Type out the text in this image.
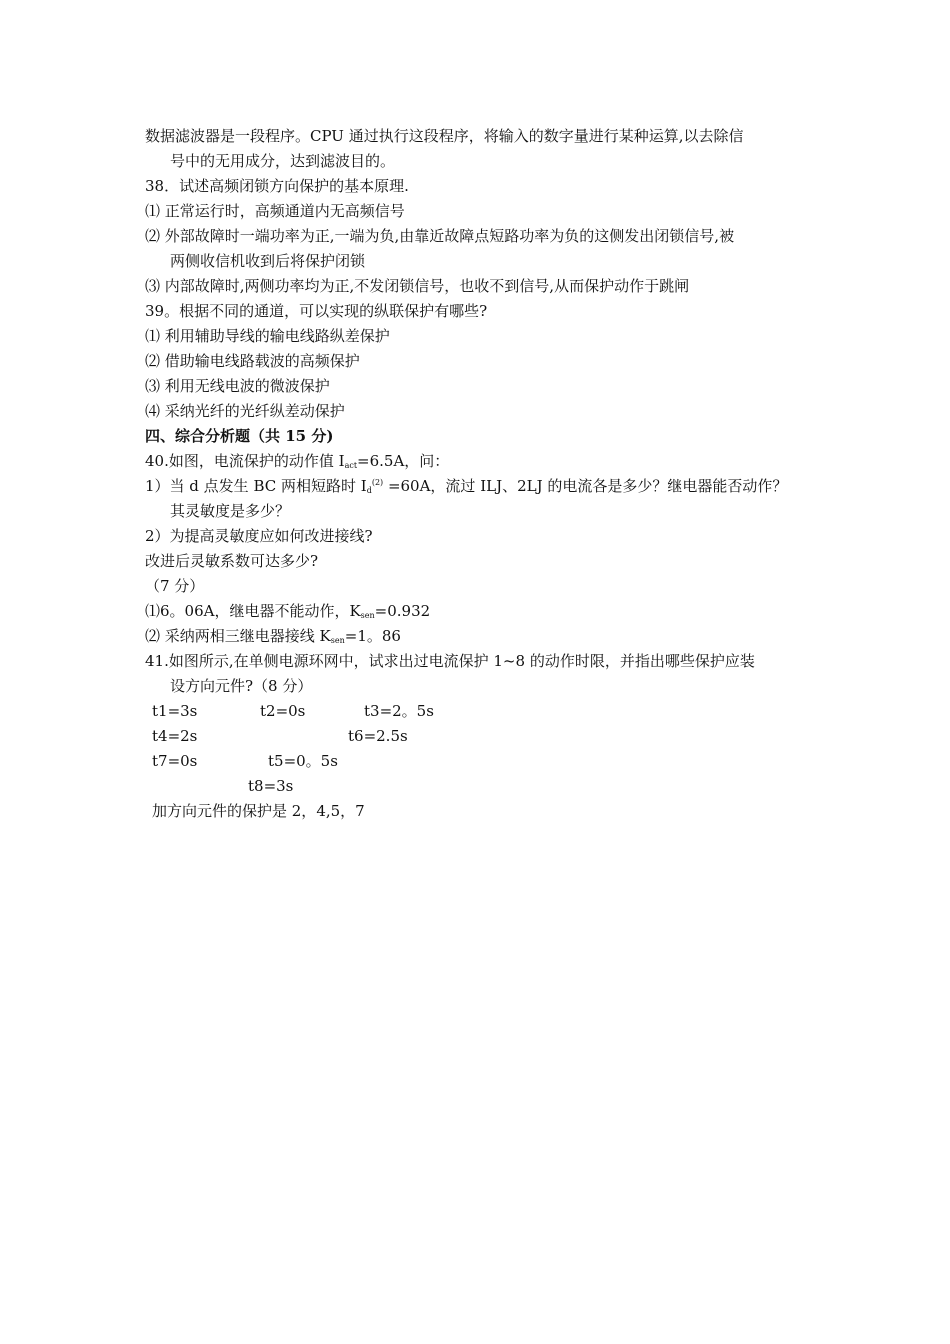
数据滤波器是一段程序。CPU 通过执行这段程序，将输入的数字量进行某种运算,以去除信
号中的无用成分，达到滤波目的。
38．试述高频闭锁方向保护的基本原理.
⑴ 正常运行时，高频通道内无高频信号
⑵ 外部故障时一端功率为正,一端为负,由靠近故障点短路功率为负的这侧发出闭锁信号,被
两侧收信机收到后将保护闭锁
⑶ 内部故障时,两侧功率均为正,不发闭锁信号，也收不到信号,从而保护动作于跳闸
39。根据不同的通道，可以实现的纵联保护有哪些?
⑴ 利用辅助导线的输电线路纵差保护
⑵ 借助输电线路载波的高频保护
⑶ 利用无线电波的微波保护
⑷ 采纳光纤的光纤纵差动保护
四、综合分析题（共 15 分)
40.如图，电流保护的动作值 $I_{act}=6.5A$，问：
1）当 d 点发生 BC 两相短路时 $I_d^{(2)} =60A$，流过 ILJ、2LJ 的电流各是多少？继电器能否动作？
其灵敏度是多少？
2）为提高灵敏度应如何改进接线?
改进后灵敏系数可达多少?
（7 分）
⑴6。06A，继电器不能动作，$K_{sen}=0.932$
⑵ 采纳两相三继电器接线 $K_{sen}=1$。86
41.如图所示,在单侧电源环网中，试求出过电流保护 1~8 的动作时限，并指出哪些保护应装
设方向元件?（8 分）
t1=3s	t2=0s	t3=2。5s
t4=2s	t6=2.5s
t7=0s	t5=0。5s
t8=3s
加方向元件的保护是 2，4,5，7
